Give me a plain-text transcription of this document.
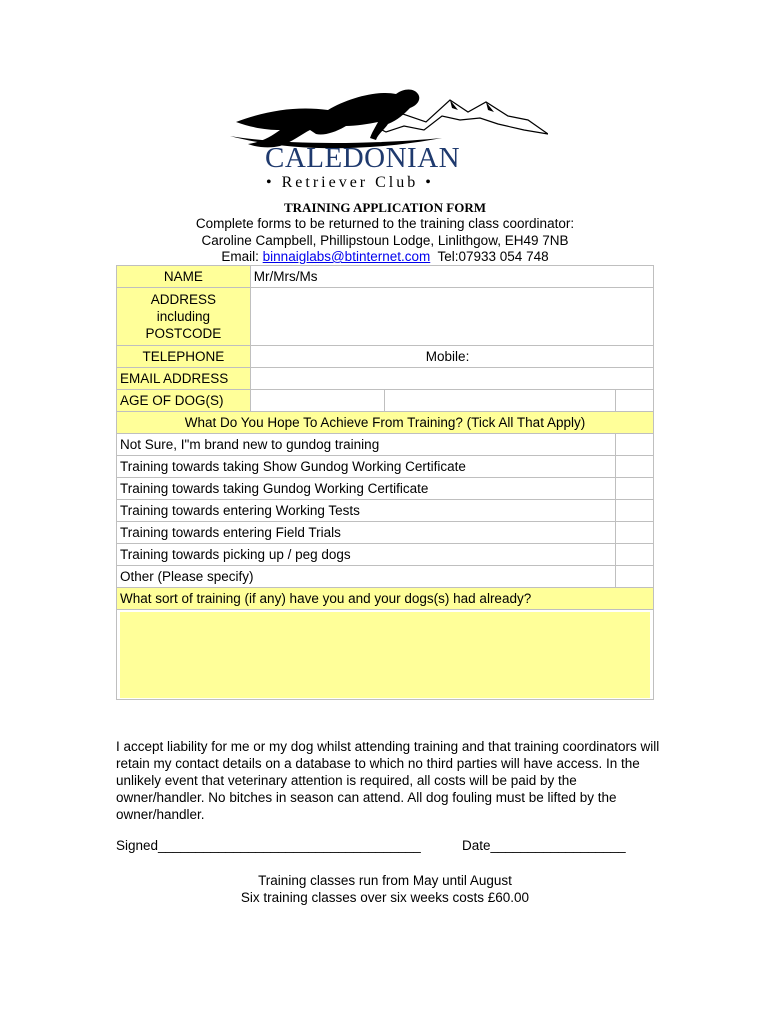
CALEDONIAN
• Retriever Club •
TRAINING APPLICATION FORM
Complete forms to be returned to the training class coordinator:
Caroline Campbell, Phillipstoun Lodge, Linlithgow, EH49 7NB
Email: binnaiglabs@btinternet.com  Tel:07933 054 748
NAME	Mr/Mrs/Ms		
ADDRESS
including
POSTCODE			
TELEPHONE	Mobile:		
EMAIL ADDRESS			
AGE OF DOG(S)			
What Do You Hope To Achieve From Training? (Tick All That Apply)			
Not Sure, I"m brand new to gundog training			
Training towards taking Show Gundog Working Certificate			
Training towards taking Gundog Working Certificate			
Training towards entering Working Tests			
Training towards entering Field Trials			
Training towards picking up / peg dogs			
Other (Please specify)			
What sort of training (if any) have you and your dogs(s) had already?			

I accept liability for me or my dog whilst attending training and that training coordinators will retain my contact details on a database to which no third parties will have access. In the unlikely event that veterinary attention is required, all costs will be paid by the owner/handler. No bitches in season can attend. All dog fouling must be lifted by the owner/handler.
Signed___________________________________	Date__________________
Training classes run from May until August
Six training classes over six weeks costs £60.00
